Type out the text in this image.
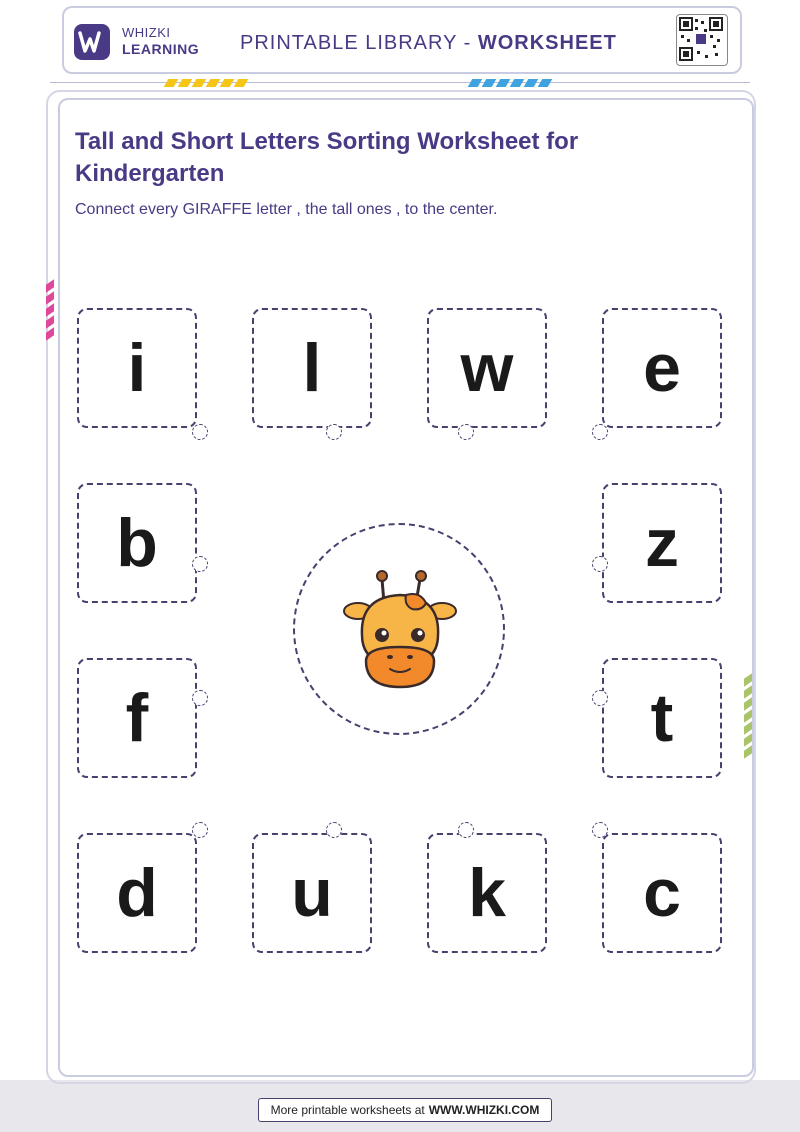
WHIZKI
LEARNING PRINTABLE LIBRARY - WORKSHEET
Tall and Short Letters Sorting Worksheet for Kindergarten
Connect every GIRAFFE letter , the tall ones , to the center.
i	l	w	e
b	z
f	t
d	u	k	c
More printable worksheets at WWW.WHIZKI.COM
